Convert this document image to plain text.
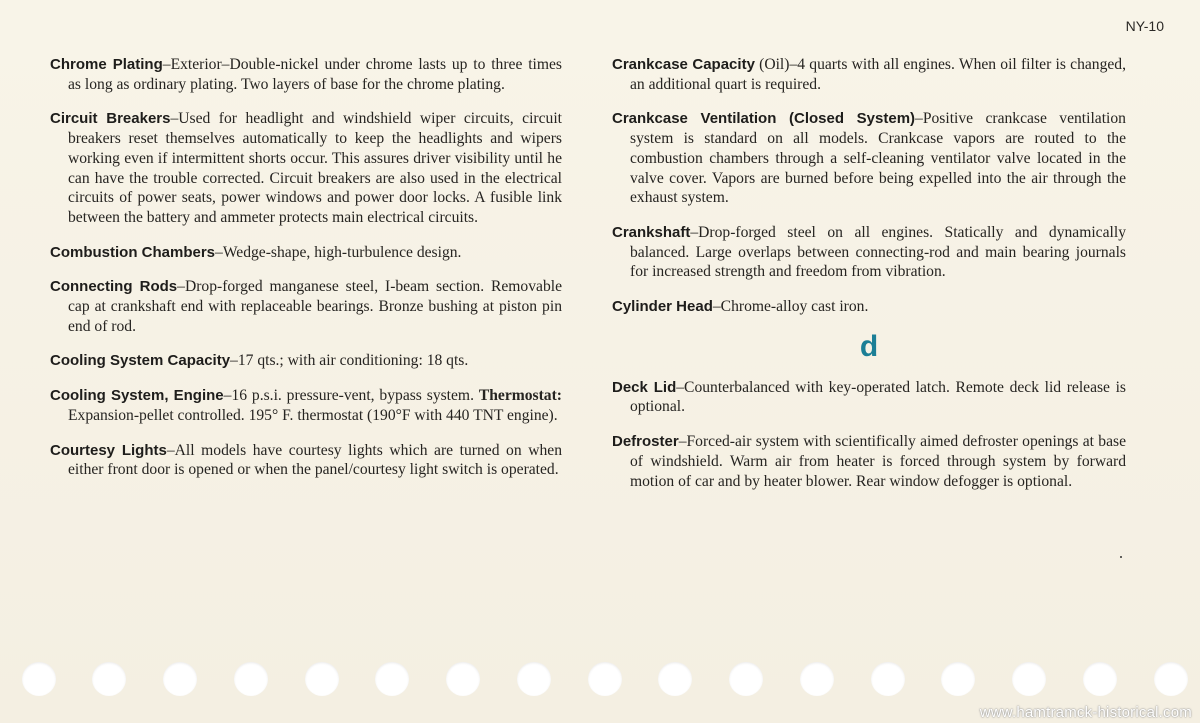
NY-10

Chrome Plating–Exterior–Double-nickel under chrome lasts up to three times as long as ordinary plating. Two layers of base for the chrome plating.

Circuit Breakers–Used for headlight and windshield wiper circuits, circuit breakers reset themselves automatically to keep the headlights and wipers working even if intermittent shorts occur. This assures driver visibility until he can have the trouble corrected. Circuit breakers are also used in the electrical circuits of power seats, power windows and power door locks. A fusible link between the battery and ammeter protects main electrical circuits.

Combustion Chambers–Wedge-shape, high-turbulence design.

Connecting Rods–Drop-forged manganese steel, I-beam section. Removable cap at crankshaft end with replaceable bearings. Bronze bushing at piston pin end of rod.

Cooling System Capacity–17 qts.; with air conditioning: 18 qts.

Cooling System, Engine–16 p.s.i. pressure-vent, bypass system. Thermostat: Expansion-pellet controlled. 195° F. thermostat (190°F with 440 TNT engine).

Courtesy Lights–All models have courtesy lights which are turned on when either front door is opened or when the panel/courtesy light switch is operated.

Crankcase Capacity (Oil)–4 quarts with all engines. When oil filter is changed, an additional quart is required.

Crankcase Ventilation (Closed System)–Positive crankcase ventilation system is standard on all models. Crankcase vapors are routed to the combustion chambers through a self-cleaning ventilator valve located in the valve cover. Vapors are burned before being expelled into the air through the exhaust system.

Crankshaft–Drop-forged steel on all engines. Statically and dynamically balanced. Large overlaps between connecting-rod and main bearing journals for increased strength and freedom from vibration.

Cylinder Head–Chrome-alloy cast iron.

d

Deck Lid–Counterbalanced with key-operated latch. Remote deck lid release is optional.

Defroster–Forced-air system with scientifically aimed defroster openings at base of windshield. Warm air from heater is forced through system by forward motion of car and by heater blower. Rear window defogger is optional.

www.hamtramck-historical.com
